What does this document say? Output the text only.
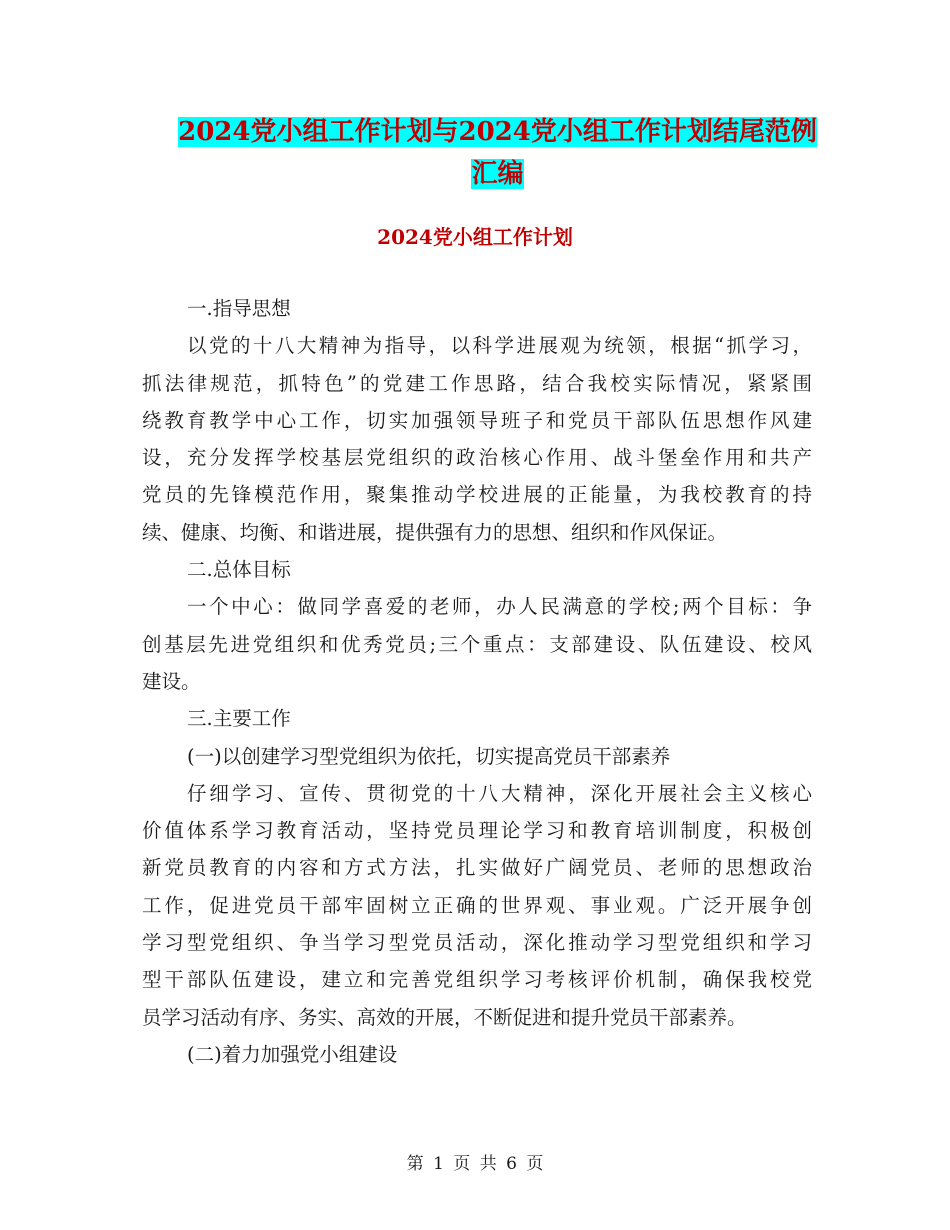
2024党小组工作计划与2024党小组工作计划结尾范例
汇编
2024党小组工作计划
一.指导思想
以党的十八大精神为指导，以科学进展观为统领，根据“抓学习，
抓法律规范，抓特色”的党建工作思路，结合我校实际情况，紧紧围
绕教育教学中心工作，切实加强领导班子和党员干部队伍思想作风建
设，充分发挥学校基层党组织的政治核心作用、战斗堡垒作用和共产
党员的先锋模范作用，聚集推动学校进展的正能量，为我校教育的持
续、健康、均衡、和谐进展，提供强有力的思想、组织和作风保证。
二.总体目标
一个中心：做同学喜爱的老师，办人民满意的学校;两个目标：争
创基层先进党组织和优秀党员;三个重点：支部建设、队伍建设、校风
建设。
三.主要工作
(一)以创建学习型党组织为依托，切实提高党员干部素养
仔细学习、宣传、贯彻党的十八大精神，深化开展社会主义核心
价值体系学习教育活动，坚持党员理论学习和教育培训制度，积极创
新党员教育的内容和方式方法，扎实做好广阔党员、老师的思想政治
工作，促进党员干部牢固树立正确的世界观、事业观。广泛开展争创
学习型党组织、争当学习型党员活动，深化推动学习型党组织和学习
型干部队伍建设，建立和完善党组织学习考核评价机制，确保我校党
员学习活动有序、务实、高效的开展，不断促进和提升党员干部素养。
(二)着力加强党小组建设
第 1 页 共 6 页
